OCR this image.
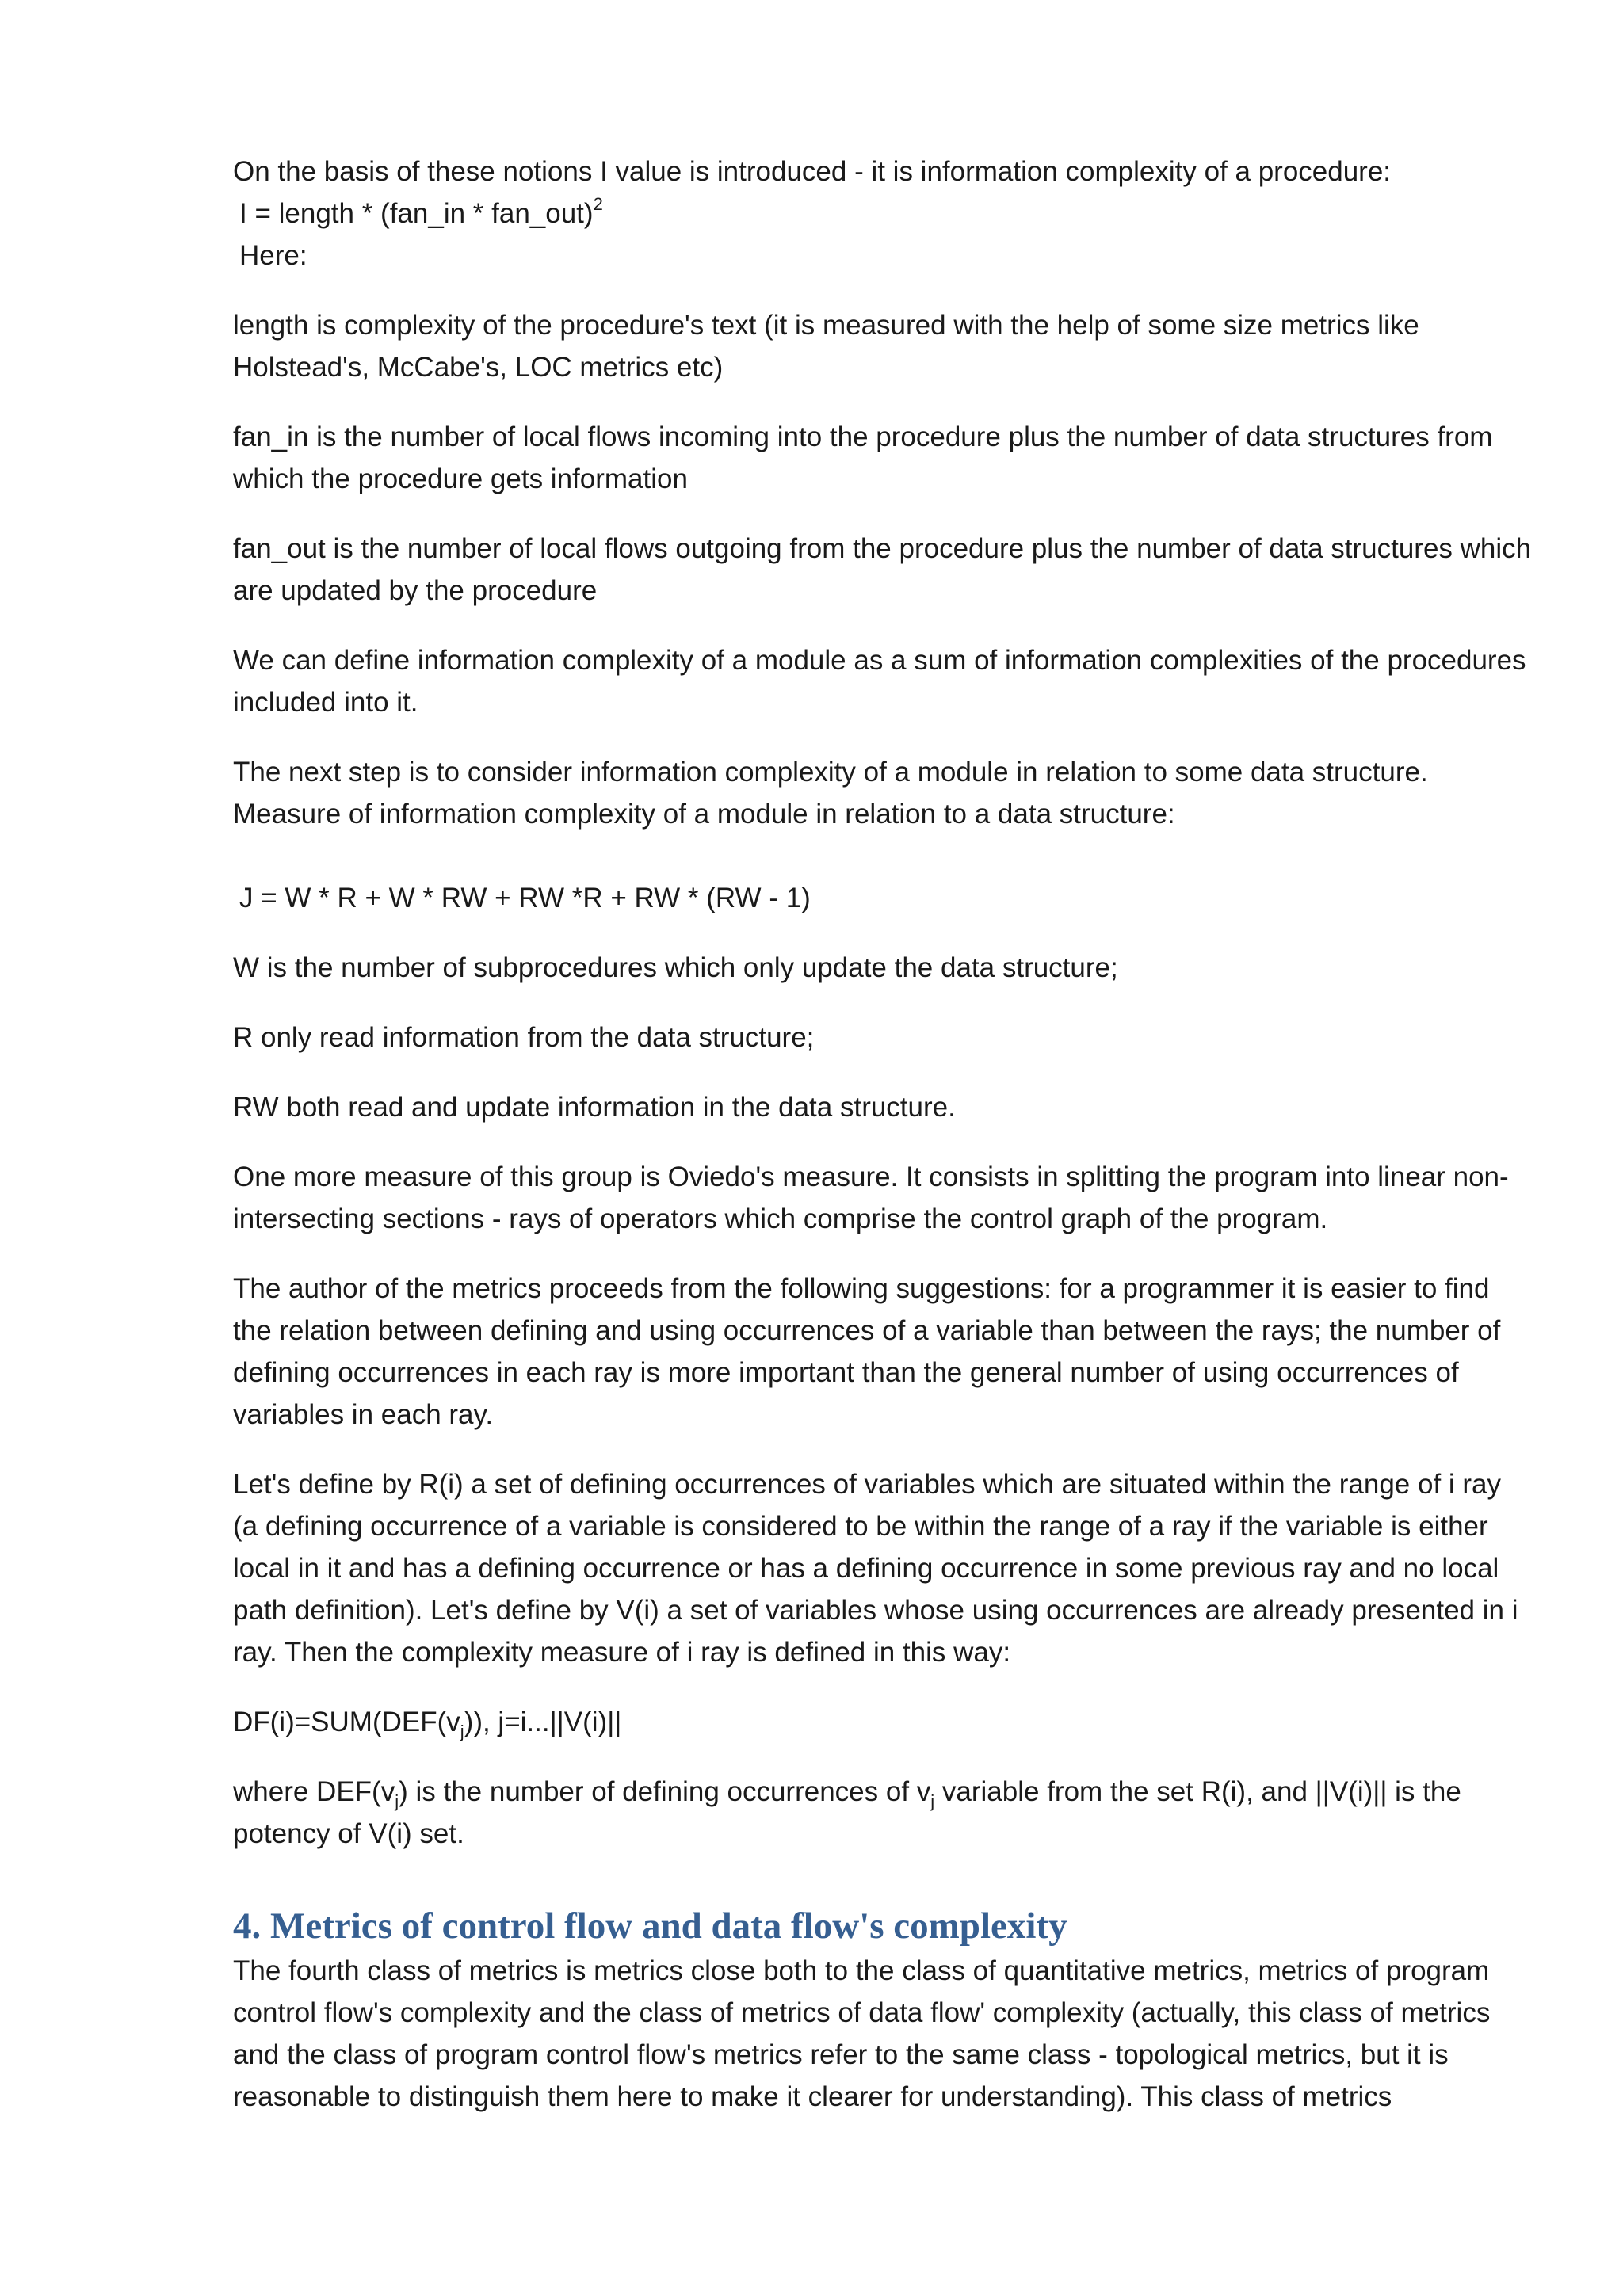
On the basis of these notions I value is introduced - it is information complexity of a procedure:

I = length * (fan_in * fan_out)$^2$

Here:

length is complexity of the procedure's text (it is measured with the help of some size metrics like Holstead's, McCabe's, LOC metrics etc)

fan_in is the number of local flows incoming into the procedure plus the number of data structures from which the procedure gets information

fan_out is the number of local flows outgoing from the procedure plus the number of data structures which are updated by the procedure

We can define information complexity of a module as a sum of information complexities of the procedures included into it.

The next step is to consider information complexity of a module in relation to some data structure. Measure of information complexity of a module in relation to a data structure:

J = W * R + W * RW + RW *R + RW * (RW - 1)

W is the number of subprocedures which only update the data structure;

R only read information from the data structure;

RW both read and update information in the data structure.

One more measure of this group is Oviedo's measure. It consists in splitting the program into linear non-intersecting sections - rays of operators which comprise the control graph of the program.

The author of the metrics proceeds from the following suggestions: for a programmer it is easier to find the relation between defining and using occurrences of a variable than between the rays; the number of defining occurrences in each ray is more important than the general number of using occurrences of variables in each ray.

Let's define by R(i) a set of defining occurrences of variables which are situated within the range of i ray (a defining occurrence of a variable is considered to be within the range of a ray if the variable is either local in it and has a defining occurrence or has a defining occurrence in some previous ray and no local path definition). Let's define by V(i) a set of variables whose using occurrences are already presented in i ray. Then the complexity measure of i ray is defined in this way:

$DF(i)=SUM(DEF(v_j))$, j=i...||V(i)||

where $DEF(v_j)$ is the number of defining occurrences of $v_j$ variable from the set R(i), and ||V(i)|| is the potency of V(i) set.

4. Metrics of control flow and data flow's complexity

The fourth class of metrics is metrics close both to the class of quantitative metrics, metrics of program control flow's complexity and the class of metrics of data flow' complexity (actually, this class of metrics and the class of program control flow's metrics refer to the same class - topological metrics, but it is reasonable to distinguish them here to make it clearer for understanding). This class of metrics
